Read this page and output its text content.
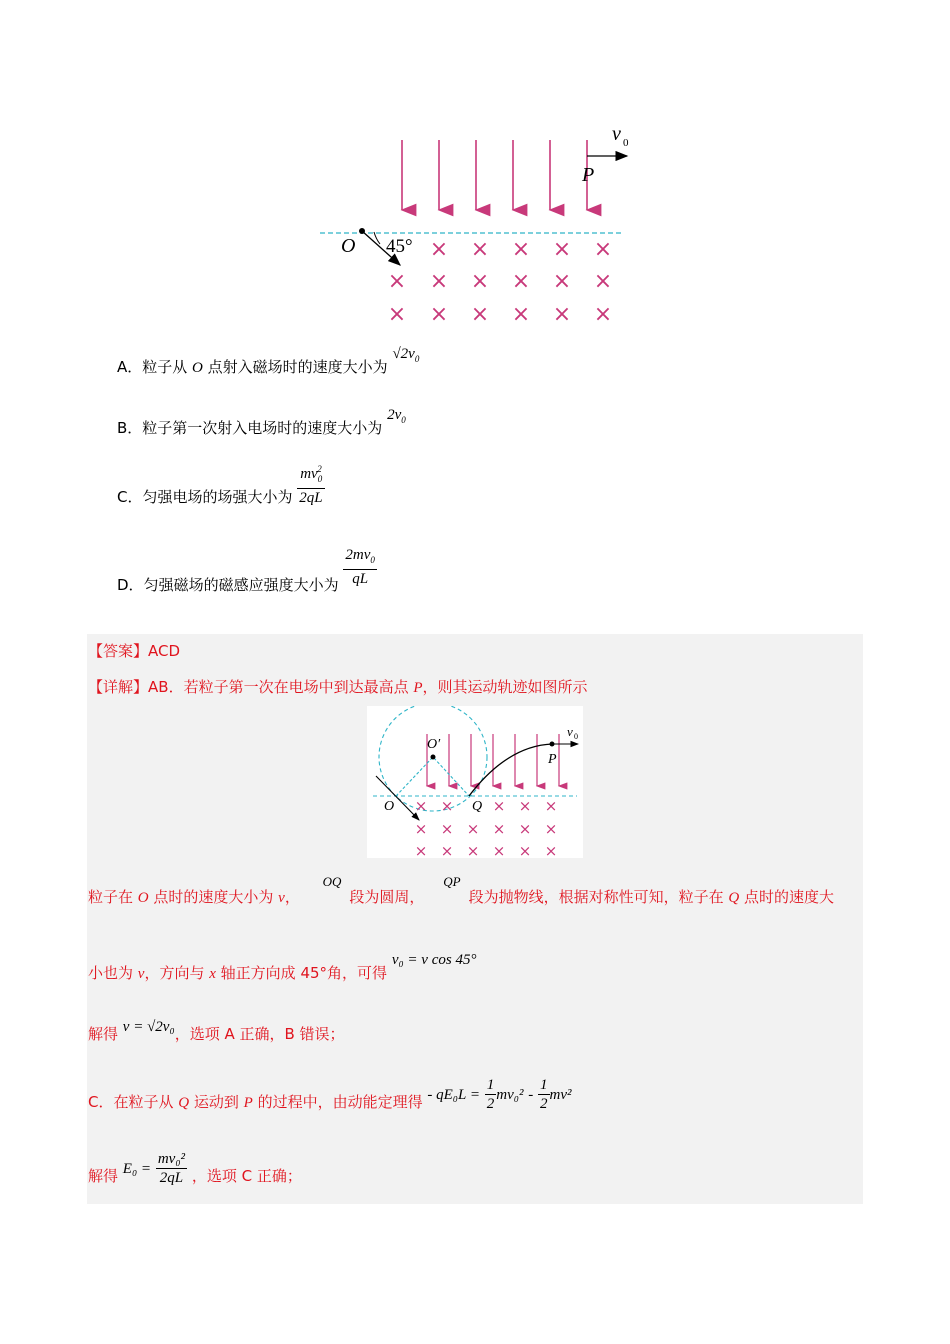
× × × × ×
× × × × × ×
× × × × × ×
v 0
P
O 45°
A．粒子从 O 点射入磁场时的速度大小为 $√2v_0$
B．粒子第一次射入电场时的速度大小为 $2v_0$
C．匀强电场的场强大小为 $\frac{mv_0^2}{2qL}$
D．匀强磁场的磁感应强度大小为 $\frac{2mv_0}{qL}$
【答案】ACD
【详解】AB．若粒子第一次在电场中到达最高点 P，则其运动轨迹如图所示
× ×	× × ×
× × × × × ×
× × × × × ×
O′
O	Q
P
v 0
粒子在 O 点时的速度大小为 v， OQ段为圆周， QP段为抛物线，根据对称性可知，粒子在 Q 点时的速度大
小也为 v，方向与 x 轴正方向成 45°角，可得 v₀ = v cos 45°
解得 v = √2v₀，选项 A 正确，B 错误；
C．在粒子从 Q 运动到 P 的过程中，由动能定理得 - $qE_0L = \frac{1}{2} mv_0^2 - \frac{1}{2} mv^2$
解得 $E_0 = \frac{\text{mv₀²}}{2qL}$ ，选项 C 正确；
